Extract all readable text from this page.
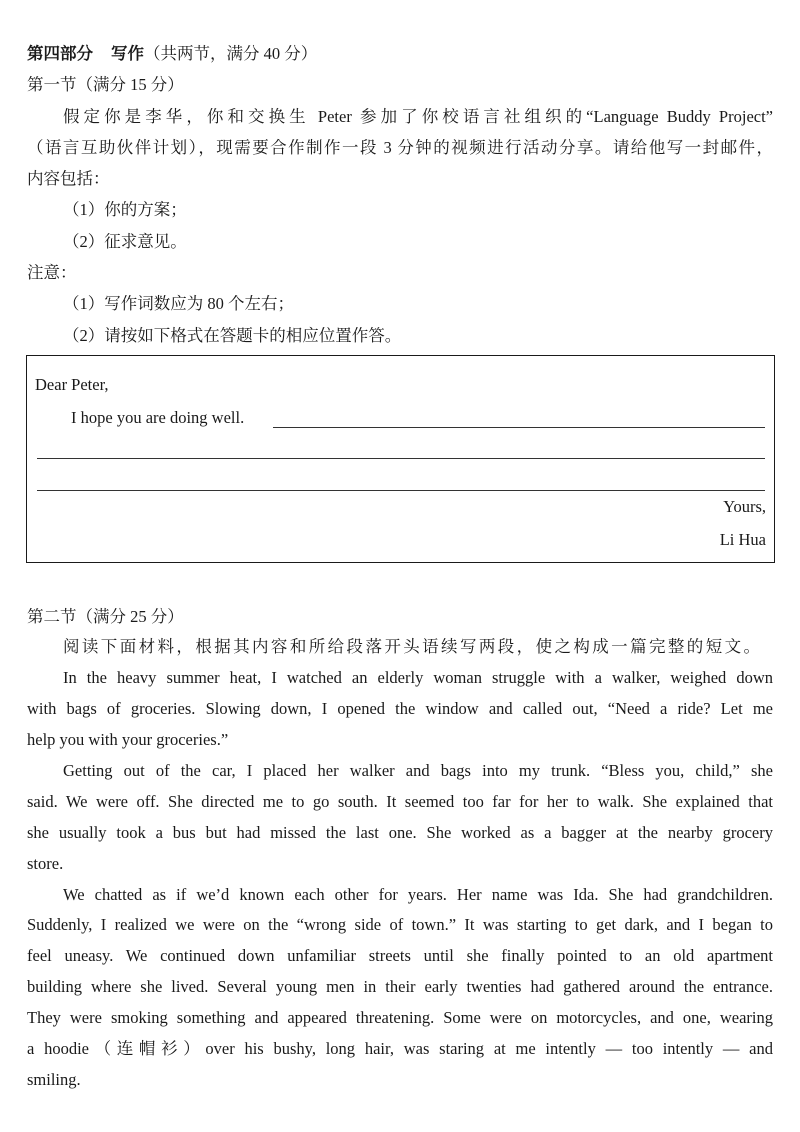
第四部分 写作（共两节，满分 40 分）
第一节（满分 15 分）
假定你是李华，你和交换生 Peter 参加了你校语言社组织的“Language Buddy Project”
（语言互助伙伴计划），现需要合作制作一段 3 分钟的视频进行活动分享。请给他写一封邮件，
内容包括：
（1）你的方案；
（2）征求意见。
注意：
（1）写作词数应为 80 个左右；
（2）请按如下格式在答题卡的相应位置作答。
Dear Peter,
I hope you are doing well.
Yours,
Li Hua
第二节（满分 25 分）
阅读下面材料，根据其内容和所给段落开头语续写两段，使之构成一篇完整的短文。
In the heavy summer heat, I watched an elderly woman struggle with a walker, weighed down
with bags of groceries. Slowing down, I opened the window and called out, “Need a ride? Let me
help you with your groceries.”
Getting out of the car, I placed her walker and bags into my trunk. “Bless you, child,” she
said. We were off. She directed me to go south. It seemed too far for her to walk. She explained that
she usually took a bus but had missed the last one. She worked as a bagger at the nearby grocery
store.
We chatted as if we’d known each other for years. Her name was Ida. She had grandchildren.
Suddenly, I realized we were on the “wrong side of town.” It was starting to get dark, and I began to
feel uneasy. We continued down unfamiliar streets until she finally pointed to an old apartment
building where she lived. Several young men in their early twenties had gathered around the entrance.
They were smoking something and appeared threatening. Some were on motorcycles, and one, wearing
a hoodie（连帽衫）over his bushy, long hair, was staring at me intently — too intently — and
smiling.
